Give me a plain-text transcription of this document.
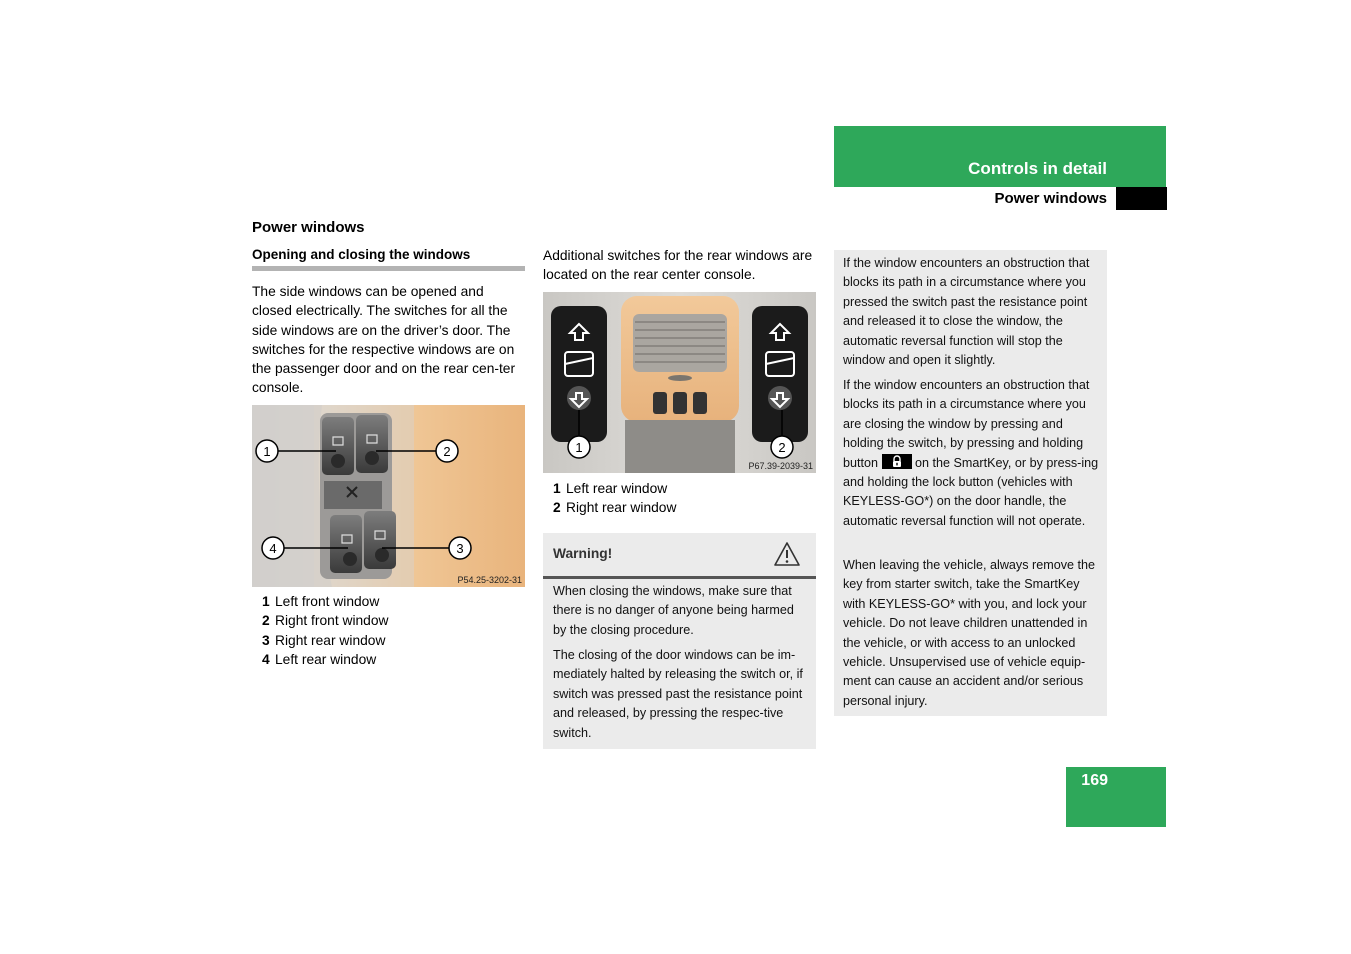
Controls in detail
Power windows
Power windows
Opening and closing the windows
The side windows can be opened and closed electrically. The switches for all the side windows are on the driver’s door. The switches for the respective windows are on the passenger door and on the rear cen-ter console.
1	2
3
4
P54.25-3202-31
1 Left front window
2 Right front window
3 Right rear window
4 Left rear window
Additional switches for the rear windows are located on the rear center console.
1	2
P67.39-2039-31
1 Left rear window
2 Right rear window
Warning!
When closing the windows, make sure that there is no danger of anyone being harmed by the closing procedure.
The closing of the door windows can be im-mediately halted by releasing the switch or, if switch was pressed past the resistance point and released, by pressing the respec-tive switch.
If the window encounters an obstruction that blocks its path in a circumstance where you pressed the switch past the resistance point and released it to close the window, the automatic reversal function will stop the window and open it slightly.
If the window encounters an obstruction that blocks its path in a circumstance where you are closing the window by pressing and holding the switch, by pressing and holding button	on the SmartKey, or by press-ing and holding the lock button (vehicles with KEYLESS-GO*) on the door handle, the automatic reversal function will not operate.
When leaving the vehicle, always remove the key from starter switch, take the SmartKey with KEYLESS-GO* with you, and lock your vehicle. Do not leave children unattended in the vehicle, or with access to an unlocked vehicle. Unsupervised use of vehicle equip-ment can cause an accident and/or serious personal injury.
169
